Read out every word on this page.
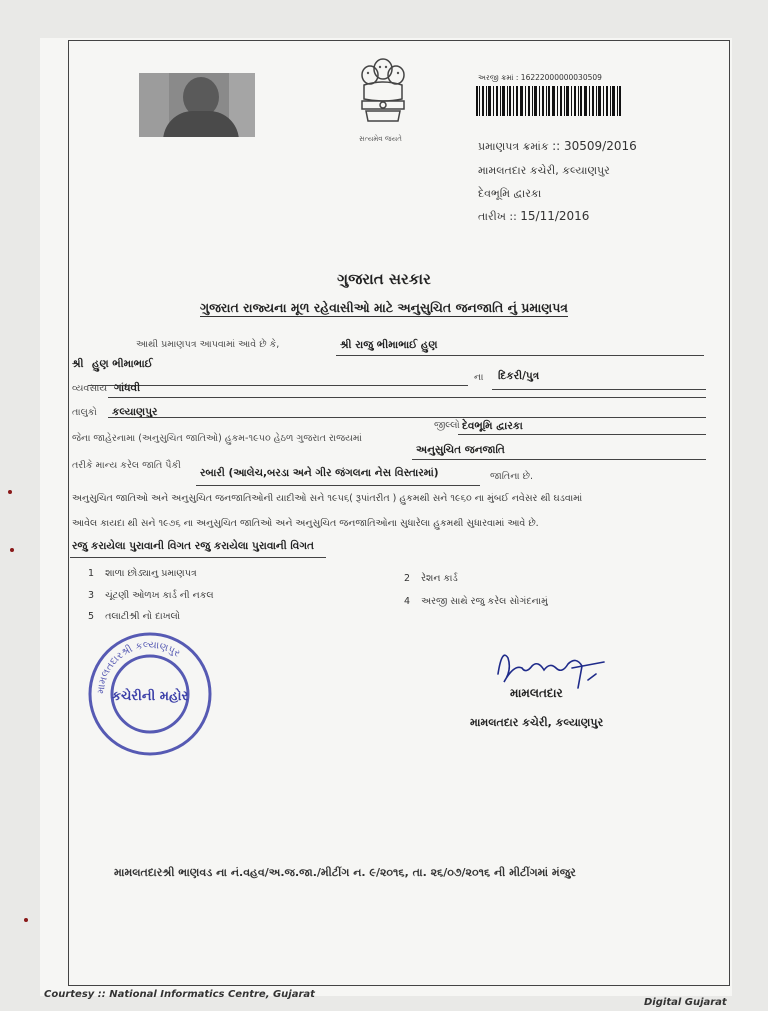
સત્યમેવ જયતે
અરજી ક્રમાં : 16222000000030509
પ્રમાણપત્ર ક્રમાંક :: 30509/2016
મામલતદાર કચેરી, કલ્યાણપુર
દેવભૂમિ દ્વારકા
તારીખ :: 15/11/2016
ગુજરાત સરકાર
ગુજરાત રાજ્યના મૂળ રહેવાસીઓ માટે અનુસુચિત જનજાતિ નું પ્રમાણપત્ર
આથી પ્રમાણપત્ર આપવામાં આવે છે કે,	શ્રી રાજુ ભીમાભાઈ હુણ
શ્રી હુણ ભીમાભાઈ
ના દિકરી/પુત્ર
વ્યવસાય ગાંધવી
તાલુકો કલ્યાણપુર
જીલ્લો દેવભૂમિ દ્વારકા
જેના જાહેરનામા (અનુસુચિત જાતિઓ) હુકમ-૧૯૫૦ હેઠળ ગુજરાત રાજયમાં
અનુસુચિત જનજાતિ
તરીકે માન્ય કરેલ જાતિ પૈકી
રબારી (આલેચ,બરડા અને ગીર જંગલના નેસ વિસ્તારમાં)	જાતિના છે.
અનુસુચિત જાતિઓ અને અનુસુચિત જનજાતિઓની યાદીઓ સને ૧૯૫૬( રૂપાંતરીત ) હુકમથી સને ૧૯૬૦ ના મુંબઈ નવેસર થી ઘડવામાં
આવેલ કાયદા થી સને ૧૯૭૬ ના અનુસુચિત જાતિઓ અને અનુસુચિત જનજાતિઓના સુધારેલા હુકમથી સુધારવામાં આવે છે.
રજુ કરાયેલા પુરાવાની વિગત રજુ કરાયેલા પુરાવાની વિગત
1 શાળા છોડ્યાનુ પ્રમાણપત્ર	2 રેશન કાર્ડ
3 ચૂંટણી ઓળખ કાર્ડ ની નકલ
4 અરજી સાથે રજુ કરેલ સોગંદનામું
5 તલાટીશ્રી નો દાખલો
મામલતદારશ્રી કલ્યાણપુર
કચેરીની મહોર	મામલતદાર
મામલતદાર કચેરી, કલ્યાણપુર
મામલતદારશ્રી ભાણવડ ના નં.વહવ/અ.જ.જા./મીટીંગ ન. ૯/૨૦૧૬, તા. ૨૬/૦૭/૨૦૧૬ ની મીટીંગમાં મંજુર
Courtesy :: National Informatics Centre, Gujarat
Digital Gujarat
